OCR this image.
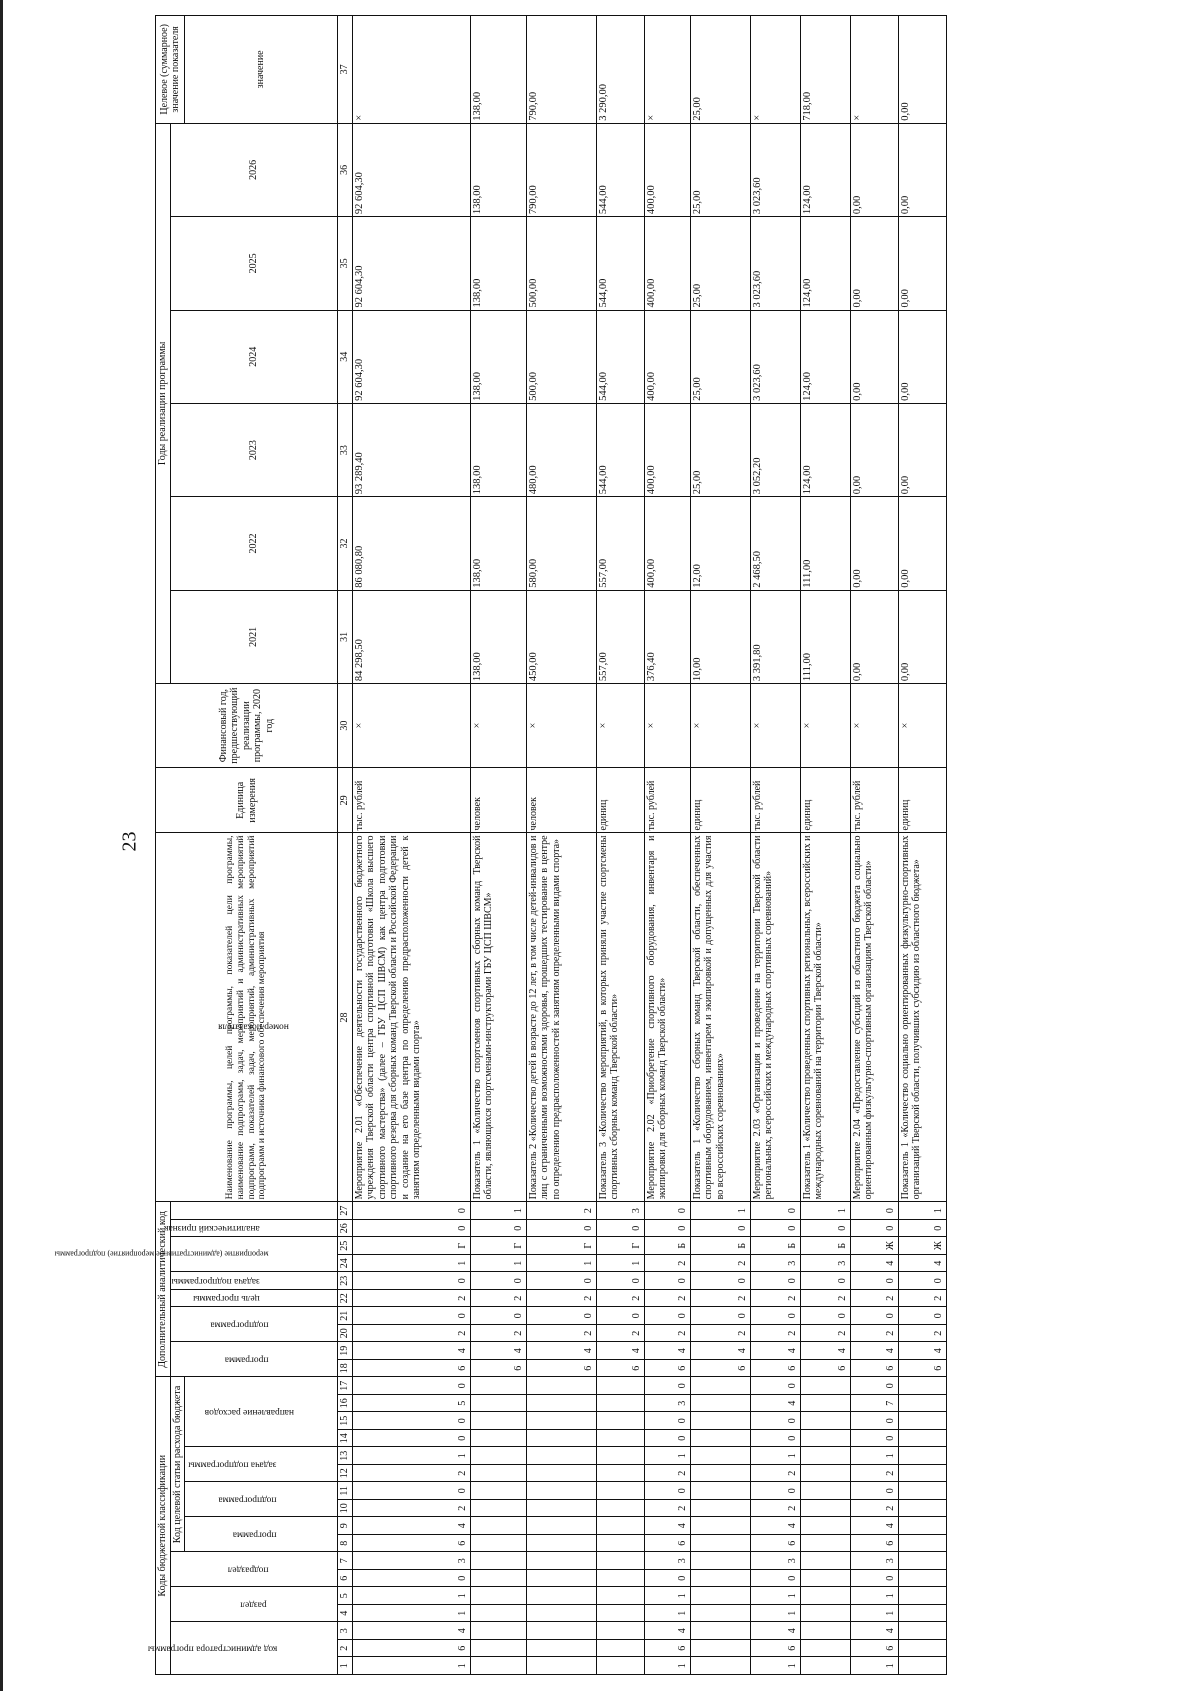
23
Коды бюджетной классификации																	Дополнительный аналитический код										Наименование программы, целей программы, показателей цели программы, наименование подпрограмм, задач, мероприятий и административных мероприятий подпрограмм, показателей задач, мероприятий, административных мероприятий подпрограмм и источника финансового обеспечения мероприятия	Единица измерения	Финансовый год, предшествующий реализации программы, 2020 год	Годы реализации программы						Целевое (суммарное) значение показателя

код администратора программы			раздел		подраздел		Код целевой статьи расхода бюджета										программа		подпрограмма		цель программы	задача подпрограммы	мероприятие (административное мероприятие) подпрограммы		аналитический признак	номер показателя				2021	2022	2023	2024	2025	2026	

							программа		подпрограмма		задача подпрограммы		направление расходов																							значение
1	2	3	4	5	6	7	8	9	10	11	12	13	14	15	16	17	18	19	20	21	22	23	24	25	26	27	28	29	30	31	32	33	34	35	36	37
1	6	4	1	1	0	3	6	4	2	0	2	1	0	0	5	0	6	4	2	0	2	0	1	Г	0	0	Мероприятие 2.01 «Обеспечение деятельности государственного бюджетного учреждения Тверской области центра спортивной подготовки «Школа высшего спортивного мастерства» (далее – ГБУ ЦСП ШВСМ) как центра подготовки спортивного резерва для сборных команд Тверской области и Российской Федерации и создание на его базе центра по определению предрасположенности детей к занятиям определенными видами спорта»	тыс. рублей	×	84 298,50	86 080,80	93 289,40	92 604,30	92 604,30	92 604,30	×
																	6	4	2	0	2	0	1	Г	0	1	Показатель 1 «Количество спортсменов спортивных сборных команд Тверской области, являющихся спортсменами-инструкторами ГБУ ЦСП ШВСМ»	человек	×	138,00	138,00	138,00	138,00	138,00	138,00	138,00
																	6	4	2	0	2	0	1	Г	0	2	Показатель 2 «Количество детей в возрасте до 12 лет, в том числе детей-инвалидов и лиц с ограниченными возможностями здоровья, прошедших тестирование в центре по определению предрасположенностей к занятиям определенными видами спорта»	человек	×	450,00	580,00	480,00	500,00	500,00	790,00	790,00
																	6	4	2	0	2	0	1	Г	0	3	Показатель 3 «Количество мероприятий, в которых приняли участие спортсмены спортивных сборных команд Тверской области»	единиц	×	557,00	557,00	544,00	544,00	544,00	544,00	3 290,00
1	6	4	1	1	0	3	6	4	2	0	2	1	0	0	3	0	6	4	2	0	2	0	2	Б	0	0	Мероприятие 2.02 «Приобретение спортивного оборудования, инвентаря и экипировки для сборных команд Тверской области»	тыс. рублей	×	376,40	400,00	400,00	400,00	400,00	400,00	×
																	6	4	2	0	2	0	2	Б	0	1	Показатель 1 «Количество сборных команд Тверской области, обеспеченных спортивным оборудованием, инвентарем и экипировкой и допущенных для участия во всероссийских соревнованиях»	единиц	×	10,00	12,00	25,00	25,00	25,00	25,00	25,00
1	6	4	1	1	0	3	6	4	2	0	2	1	0	0	4	0	6	4	2	0	2	0	3	Б	0	0	Мероприятие 2.03 «Организация и проведение на территории Тверской области региональных, всероссийских и международных спортивных соревнований»	тыс. рублей	×	3 391,80	2 468,50	3 052,20	3 023,60	3 023,60	3 023,60	×
																	6	4	2	0	2	0	3	Б	0	1	Показатель 1 «Количество проведенных спортивных региональных, всероссийских и международных соревнований на территории Тверской области»	единиц	×	111,00	111,00	124,00	124,00	124,00	124,00	718,00
1	6	4	1	1	0	3	6	4	2	0	2	1	0	0	7	0	6	4	2	0	2	0	4	Ж	0	0	Мероприятие 2.04 «Предоставление субсидий из областного бюджета социально ориентированным физкультурно-спортивным организациям Тверской области»	тыс. рублей	×	0,00	0,00	0,00	0,00	0,00	0,00	×
																	6	4	2	0	2	0	4	Ж	0	1	Показатель 1 «Количество социально ориентированных физкультурно-спортивных организаций Тверской области, получивших субсидию из областного бюджета»	единиц	×	0,00	0,00	0,00	0,00	0,00	0,00	0,00
